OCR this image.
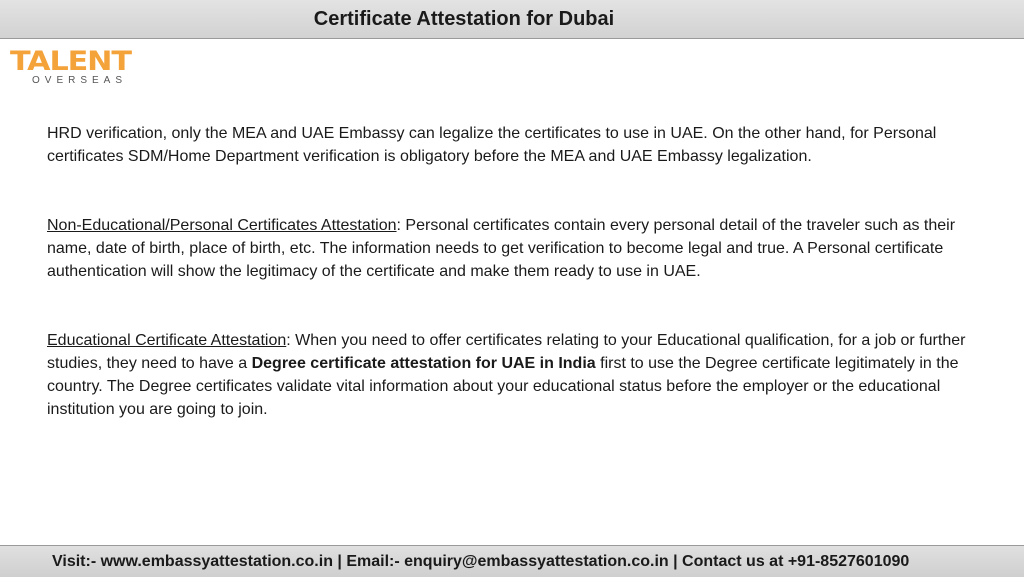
Certificate Attestation for Dubai
TALENT
OVERSEAS

HRD verification, only the MEA and UAE Embassy can legalize the certificates to use in UAE. On the other hand, for Personal certificates SDM/Home Department verification is obligatory before the MEA and UAE Embassy legalization.

Non-Educational/Personal Certificates Attestation: Personal certificates contain every personal detail of the traveler such as their name, date of birth, place of birth, etc. The information needs to get verification to become legal and true. A Personal certificate authentication will show the legitimacy of the certificate and make them ready to use in UAE.

Educational Certificate Attestation: When you need to offer certificates relating to your Educational qualification, for a job or further studies, they need to have a Degree certificate attestation for UAE in India first to use the Degree certificate legitimately in the country. The Degree certificates validate vital information about your educational status before the employer or the educational institution you are going to join.

Visit:- www.embassyattestation.co.in | Email:- enquiry@embassyattestation.co.in | Contact us at +91-8527601090
